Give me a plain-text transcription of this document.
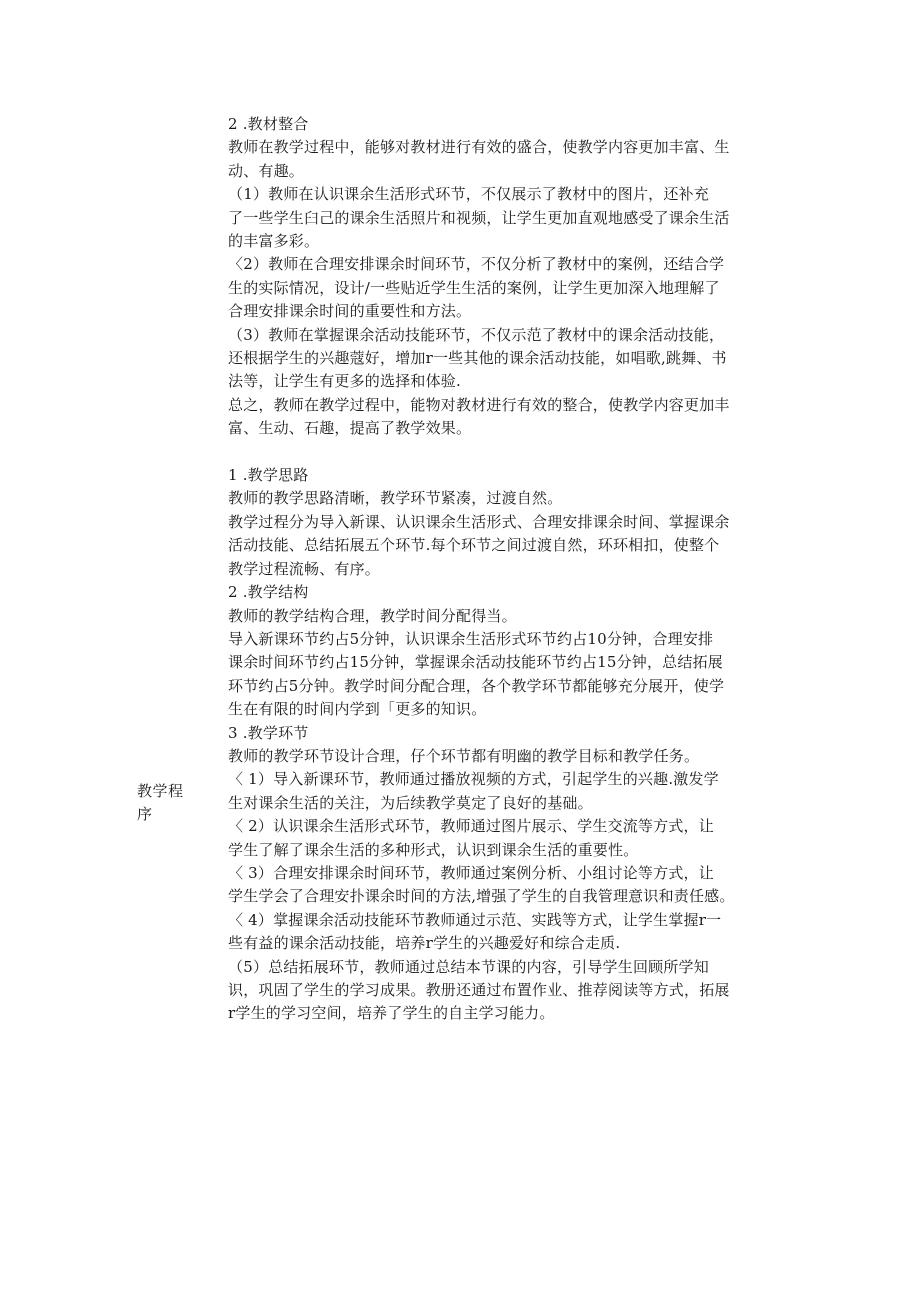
教学程
序

2 .教材整合

教师在教学过程中，能够对教材进行有效的盛合，使教学内容更加丰富、生

动、有趣。

（1）教师在认识课余生活形式环节，不仅展示了教材中的图片，还补充

了一些学生臼己的课余生活照片和视频，让学生更加直观地感受了课余生活

的丰富多彩。

〈2）教师在合理安排课余时间环节，不仅分析了教材中的案例，还结合学

生的实际情况，设计/一些贴近学生生活的案例，让学生更加深入地理解了

合理安排课余时间的重要性和方法。

（3）教师在掌握课余活动技能环节，不仅示范了教材中的课余活动技能，

还根据学生的兴趣蔻好，增加r一些其他的课余活动技能，如唱歌,跳舞、书

法等，让学生有更多的选择和体验.

总之，教师在教学过程中，能物对教材进行有效的整合，使教学内容更加丰

富、生动、石趣，提高了教学效果。

1 .教学思路

教师的教学思路清晰，教学环节紧凑，过渡自然。

教学过程分为导入新课、认识课余生活形式、合理安排课余时间、掌握课余

活动技能、总结拓展五个环节.每个环节之间过渡自然，环环相扣，使整个

教学过程流畅、有序。

2 .教学结构

教师的教学结构合理，教学时间分配得当。

导入新课环节约占5分钟，认识课余生活形式环节约占10分钟，合理安排

课余时间环节约占15分钟，掌握课余活动技能环节约占15分钟，总结拓展

环节约占5分钟。教学时间分配合理，各个教学环节都能够充分展开，使学

生在有限的时间内学到「更多的知识。

3 .教学环节

教师的教学环节设计合理，仔个环节都有明幽的教学目标和教学任务。

〈 1）导入新课环节，教师通过播放视频的方式，引起学生的兴趣.激发学

生对课余生活的关注，为后续教学莫定了良好的基础。

〈 2）认识课余生活形式环节，教师通过图片展示、学生交流等方式，让

学生了解了课余生活的多种形式，认识到课余生活的重要性。

〈 3）合理安排课余时间环节，教师通过案例分析、小组讨论等方式，让

学生学会了合理安扑课余时间的方法,增强了学生的自我管理意识和责任感。

〈 4）掌握课余活动技能环节教师通过示范、实践等方式，让学生掌握r一

些有益的课余活动技能，培养r学生的兴趣爱好和综合走质.

（5）总结拓展环节，教师通过总结本节课的内容，引导学生回顾所学知

识，巩固了学生的学习成果。教册还通过布置作业、推荐阅读等方式，拓展

r学生的学习空间，培养了学生的自主学习能力。
